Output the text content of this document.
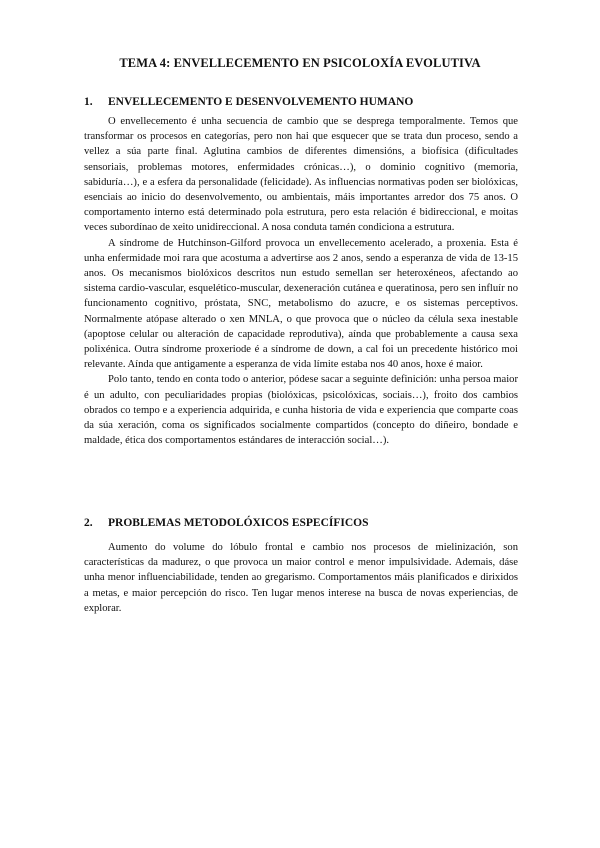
TEMA 4: ENVELLECEMENTO EN PSICOLOXÍA EVOLUTIVA
1. ENVELLECEMENTO E DESENVOLVEMENTO HUMANO

O envellecemento é unha secuencia de cambio que se desprega temporalmente. Temos que transformar os procesos en categorías, pero non hai que esquecer que se trata dun proceso, sendo a vellez a súa parte final. Aglutina cambios de diferentes dimensións, a biofísica (dificultades sensoriais, problemas motores, enfermidades crónicas…), o dominio cognitivo (memoria, sabiduría…), e a esfera da personalidade (felicidade). As influencias normativas poden ser biolóxicas, esenciais ao inicio do desenvolvemento, ou ambientais, máis importantes arredor dos 75 anos. O comportamento interno está determinado pola estrutura, pero esta relación é bidireccional, e moitas veces subordínao de xeito unidireccional. A nosa conduta tamén condiciona a estrutura.

A síndrome de Hutchinson-Gilford provoca un envellecemento acelerado, a proxenia. Esta é unha enfermidade moi rara que acostuma a advertirse aos 2 anos, sendo a esperanza de vida de 13-15 anos. Os mecanismos biolóxicos descritos nun estudo semellan ser heteroxéneos, afectando ao sistema cardio-vascular, esquelético-muscular, dexeneración cutánea e queratinosa, pero sen influír no funcionamento cognitivo, próstata, SNC, metabolismo do azucre, e os sistemas perceptivos. Normalmente atópase alterado o xen MNLA, o que provoca que o núcleo da célula sexa inestable (apoptose celular ou alteración de capacidade reprodutiva), aínda que probablemente a causa sexa polixénica. Outra síndrome proxeriode é a síndrome de down, a cal foi un precedente histórico moi relevante. Aínda que antigamente a esperanza de vida límite estaba nos 40 anos, hoxe é maior.

Polo tanto, tendo en conta todo o anterior, pódese sacar a seguinte definición: unha persoa maior é un adulto, con peculiaridades propias (biolóxicas, psicolóxicas, sociais…), froito dos cambios obrados co tempo e a experiencia adquirida, e cunha historia de vida e experiencia que comparte coas da súa xeración, coma os significados socialmente compartidos (concepto do diñeiro, bondade e maldade, ética dos comportamentos estándares de interacción social…).

2. PROBLEMAS METODOLÓXICOS ESPECÍFICOS

Aumento do volume do lóbulo frontal e cambio nos procesos de mielinización, son características da madurez, o que provoca un maior control e menor impulsividade. Ademais, dáse unha menor influenciabilidade, tenden ao gregarismo. Comportamentos máis planificados e dirixidos a metas, e maior percepción do risco. Ten lugar menos interese na busca de novas experiencias, de explorar.
